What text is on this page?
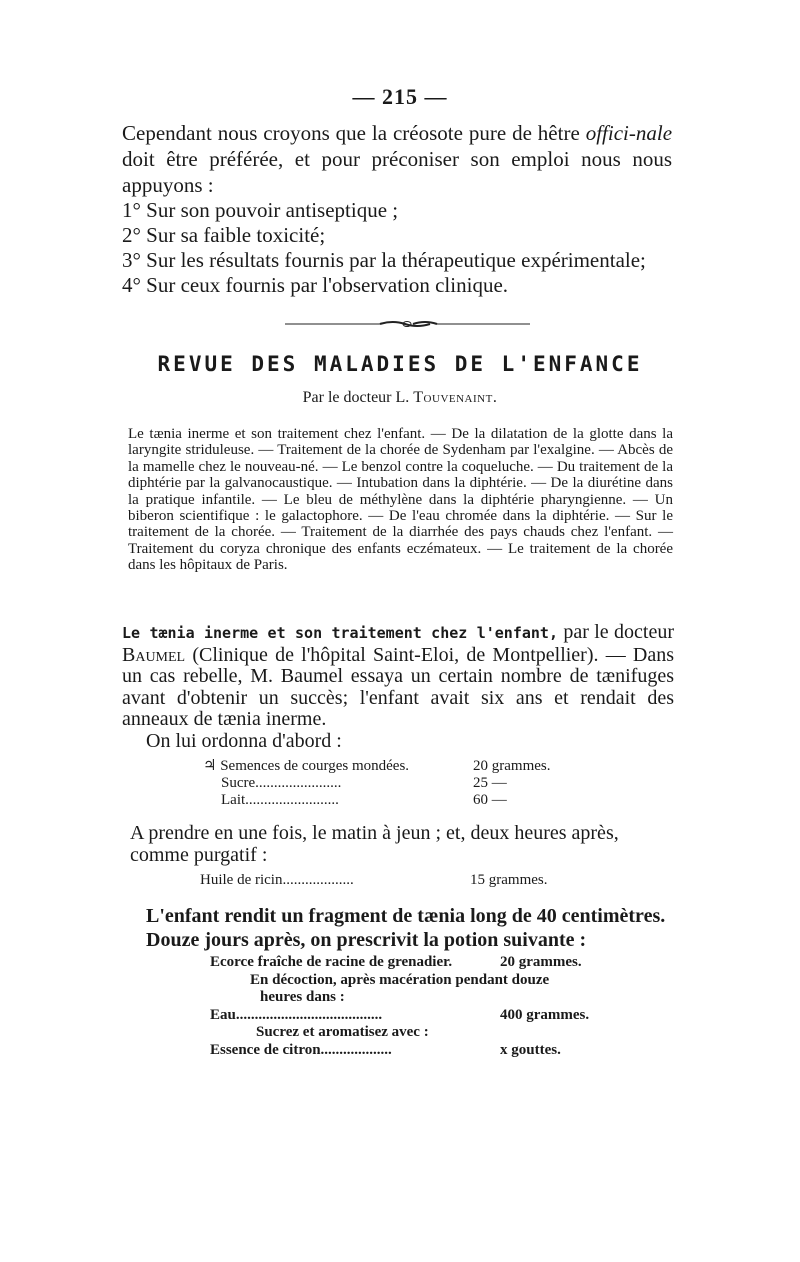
— 215 —
Cependant nous croyons que la créosote pure de hêtre offici-nale doit être préférée, et pour préconiser son emploi nous nous appuyons :
1° Sur son pouvoir antiseptique ;
2° Sur sa faible toxicité;
3° Sur les résultats fournis par la thérapeutique expérimentale;
4° Sur ceux fournis par l'observation clinique.
REVUE DES MALADIES DE L'ENFANCE
Par le docteur L. Touvenaint.
Le tænia inerme et son traitement chez l'enfant. — De la dilatation de la glotte dans la laryngite striduleuse. — Traitement de la chorée de Sydenham par l'exalgine. — Abcès de la mamelle chez le nouveau-né. — Le benzol contre la coqueluche. — Du traitement de la diphtérie par la galvanocaustique. — Intubation dans la diphtérie. — De la diurétine dans la pratique infantile. — Le bleu de méthylène dans la diphtérie pharyngienne. — Un biberon scientifique : le galactophore. — De l'eau chromée dans la diphtérie. — Sur le traitement de la chorée. — Traitement de la diarrhée des pays chauds chez l'enfant. — Traitement du coryza chronique des enfants eczémateux. — Le traitement de la chorée dans les hôpitaux de Paris.
Le tænia inerme et son traitement chez l'enfant, par le docteur Baumel (Clinique de l'hôpital Saint-Eloi, de Montpellier). — Dans un cas rebelle, M. Baumel essaya un certain nombre de tænifuges avant d'obtenir un succès; l'enfant avait six ans et rendait des anneaux de tænia inerme.
On lui ordonna d'abord :
♃ Semences de courges mondées.	20 grammes.
Sucre.......................	25 —
Lait.........................	60 —
A prendre en une fois, le matin à jeun ; et, deux heures après, comme purgatif :
Huile de ricin...................	15 grammes.
L'enfant rendit un fragment de tænia long de 40 centimètres. Douze jours après, on prescrivit la potion suivante :
Ecorce fraîche de racine de grenadier.	20 grammes.
En décoction, après macération pendant douze
heures dans :
Eau.......................................	400 grammes.
Sucrez et aromatisez avec :
Essence de citron...................	x gouttes.
